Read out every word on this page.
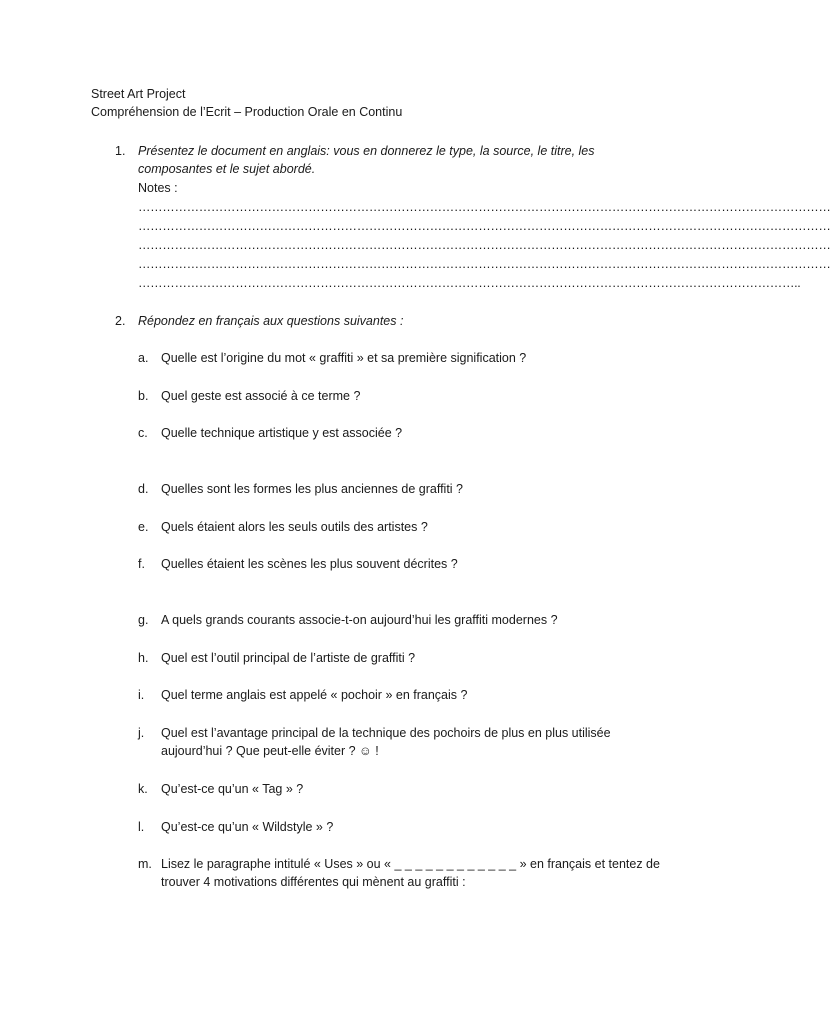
Street Art Project
Compréhension de l’Ecrit – Production Orale en Continu
1. Présentez le document en anglais: vous en donnerez le type, la source, le titre, les
composantes et le sujet abordé.
Notes :
………………………………………………………………………………………………………………………………………………………
………………………………………………………………………………………………………………………………………………………
………………………………………………………………………………………………………………………………………………………
………………………………………………………………………………………………………………………………………………………
………………………………………………………………………………………………………………………………………………..
2. Répondez en français aux questions suivantes :
a. Quelle est l’origine du mot « graffiti » et sa première signification ?
b. Quel geste est associé à ce terme ?
c. Quelle technique artistique y est associée ?
d. Quelles sont les formes les plus anciennes de graffiti ?
e. Quels étaient alors les seuls outils des artistes ?
f. Quelles étaient les scènes les plus souvent décrites ?
g. A quels grands courants associe-t-on aujourd’hui les graffiti modernes ?
h. Quel est l’outil principal de l’artiste de graffiti ?
i. Quel terme anglais est appelé « pochoir » en français ?
j. Quel est l’avantage principal de la technique des pochoirs de plus en plus utilisée
aujourd’hui ? Que peut-elle éviter ? ☺ !
k. Qu’est-ce qu’un « Tag » ?
l. Qu’est-ce qu’un « Wildstyle » ?
m. Lisez le paragraphe intitulé « Uses » ou « _ _ _ _ _ _ _ _ _ _ _ _ » en français et tentez de
trouver 4 motivations différentes qui mènent au graffiti :
